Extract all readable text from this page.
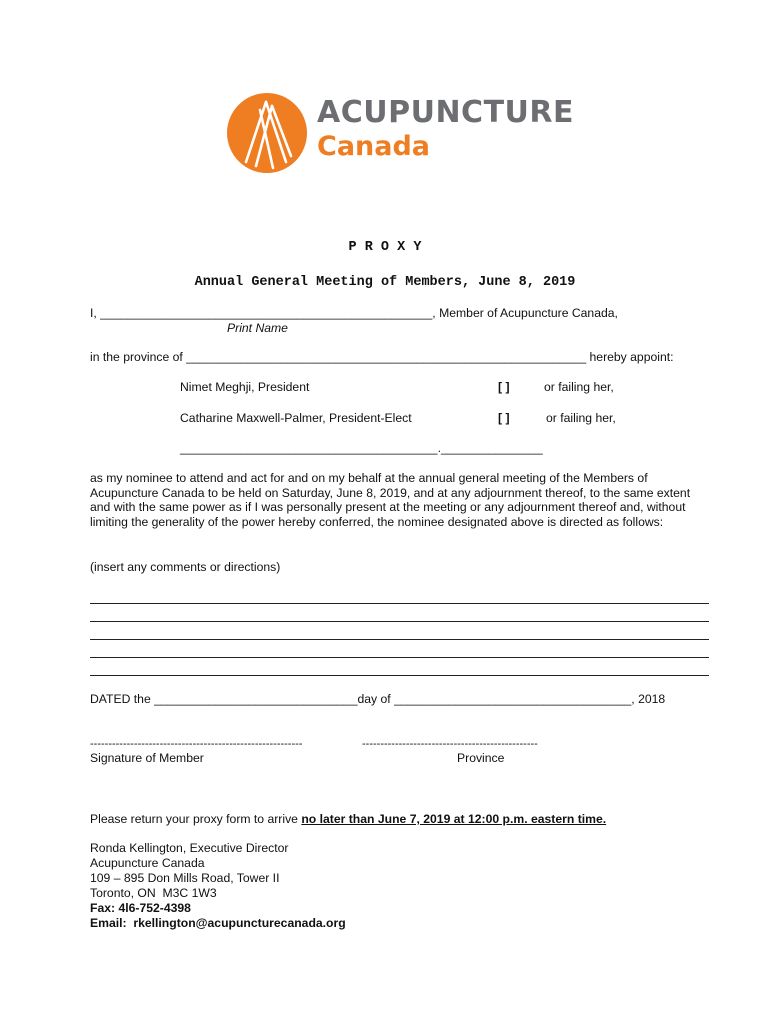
ACUPUNCTURE
Canada
P R O X Y
Annual General Meeting of Members, June 8, 2019
I, _________________________________________________, Member of Acupuncture Canada,
Print Name
in the province of ___________________________________________________________ hereby appoint:
Nimet Meghji, President	[ ]	or failing her,
Catharine Maxwell-Palmer, President-Elect	[ ]	or failing her,
______________________________________._______________
as my nominee to attend and act for and on my behalf at the annual general meeting of the Members of Acupuncture Canada to be held on Saturday, June 8, 2019, and at any adjournment thereof, to the same extent and with the same power as if I was personally present at the meeting or any adjournment thereof and, without limiting the generality of the power hereby conferred, the nominee designated above is directed as follows:
(insert any comments or directions)
DATED the ______________________________day of ___________________________________, 2018
----------------------------------------------------------	------------------------------------------------
Signature of Member	Province
Please return your proxy form to arrive no later than June 7, 2019 at 12:00 p.m. eastern time.
Ronda Kellington, Executive Director
Acupuncture Canada
109 – 895 Don Mills Road, Tower II
Toronto, ON  M3C 1W3
Fax: 4l6-752-4398
Email:  rkellington@acupuncturecanada.org
